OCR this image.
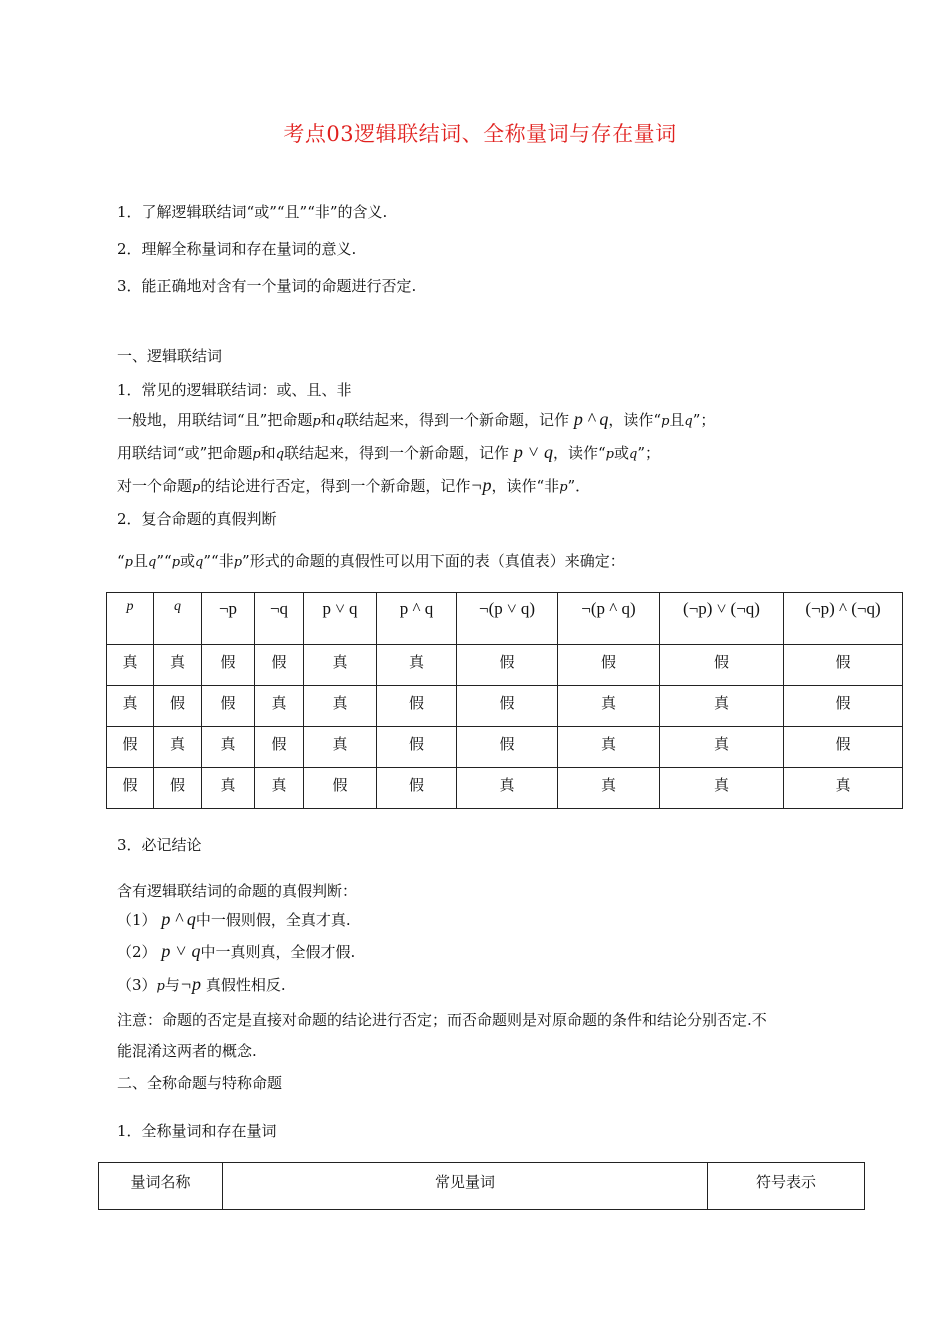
考点03逻辑联结词、全称量词与存在量词
1．了解逻辑联结词“或”“且”“非”的含义.
2．理解全称量词和存在量词的意义.
3．能正确地对含有一个量词的命题进行否定.
一、逻辑联结词
1．常见的逻辑联结词：或、且、非
一般地，用联结词“且”把命题p和q联结起来，得到一个新命题，记作 p ^ q，读作“p且q”；
用联结词“或”把命题p和q联结起来，得到一个新命题，记作 p ˅ q，读作“p或q”；
对一个命题p的结论进行否定，得到一个新命题，记作¬p，读作“非p”．
2．复合命题的真假判断
“p且q”“p或q”“非p”形式的命题的真假性可以用下面的表（真值表）来确定：
p	q	¬p	¬q	p ˅ q	p ^ q	¬(p ˅ q)	¬(p ^ q)	(¬p) ˅ (¬q)	(¬p) ^ (¬q)
真	真	假	假	真	真	假	假	假	假
真	假	假	真	真	假	假	真	真	假
假	真	真	假	真	假	假	真	真	假
假	假	真	真	假	假	真	真	真	真
3．必记结论
含有逻辑联结词的命题的真假判断：
（1） p ^ q中一假则假，全真才真.
（2） p ˅ q中一真则真，全假才假.
（3）p与¬p 真假性相反.
注意：命题的否定是直接对命题的结论进行否定；而否命题则是对原命题的条件和结论分别否定.不
能混淆这两者的概念.
二、全称命题与特称命题
1．全称量词和存在量词
量词名称	常见量词	符号表示
